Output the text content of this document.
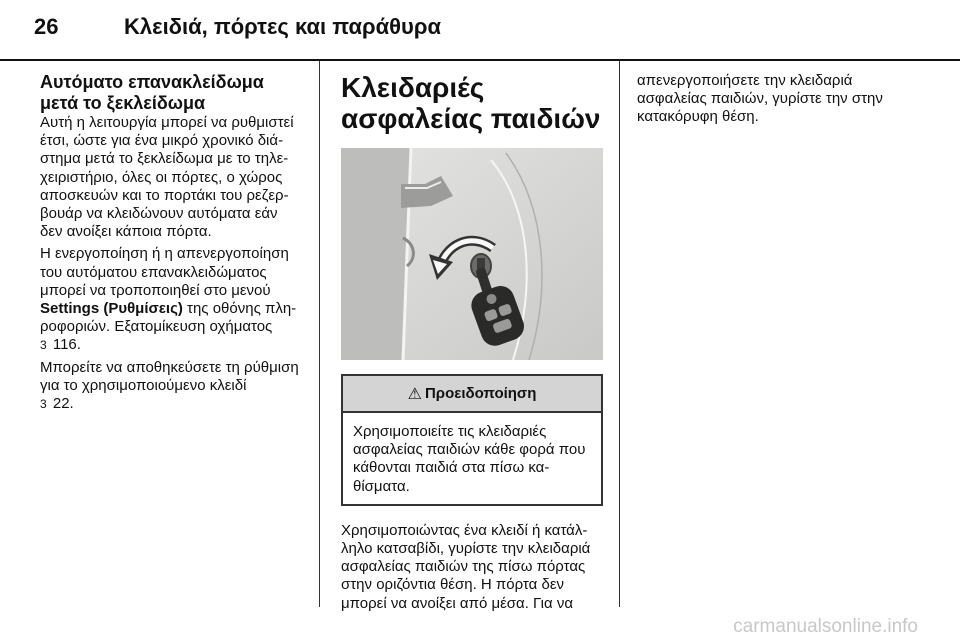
26	Κλειδιά, πόρτες και παράθυρα
Αυτόματο επανακλείδωμα μετά το ξεκλείδωμα

Αυτή η λειτουργία μπορεί να ρυθμιστεί έτσι, ώστε για ένα μικρό χρονικό διάστημα μετά το ξεκλείδωμα με το τηλεχειριστήριο, όλες οι πόρτες, ο χώρος αποσκευών και το πορτάκι του ρεζερβουάρ να κλειδώνουν αυτόματα εάν δεν ανοίξει κάποια πόρτα.

Η ενεργοποίηση ή η απενεργοποίηση του αυτόματου επανακλειδώματος μπορεί να τροποποιηθεί στο μενού Settings (Ρυθμίσεις) της οθόνης πληροφοριών. Εξατομίκευση οχήματος
3 116.

Μπορείτε να αποθηκεύσετε τη ρύθμιση για το χρησιμοποιούμενο κλειδί
3 22.

Κλειδαριές ασφαλείας παιδιών
⚠ Προειδοποίηση
Χρησιμοποιείτε τις κλειδαριές ασφαλείας παιδιών κάθε φορά που κάθονται παιδιά στα πίσω καθίσματα.

Χρησιμοποιώντας ένα κλειδί ή κατάλληλο κατσαβίδι, γυρίστε την κλειδαριά ασφαλείας παιδιών της πίσω πόρτας στην οριζόντια θέση. Η πόρτα δεν μπορεί να ανοίξει από μέσα. Για να

απενεργοποιήσετε την κλειδαριά ασφαλείας παιδιών, γυρίστε την στην κατακόρυφη θέση.

carmanualsonline.info
